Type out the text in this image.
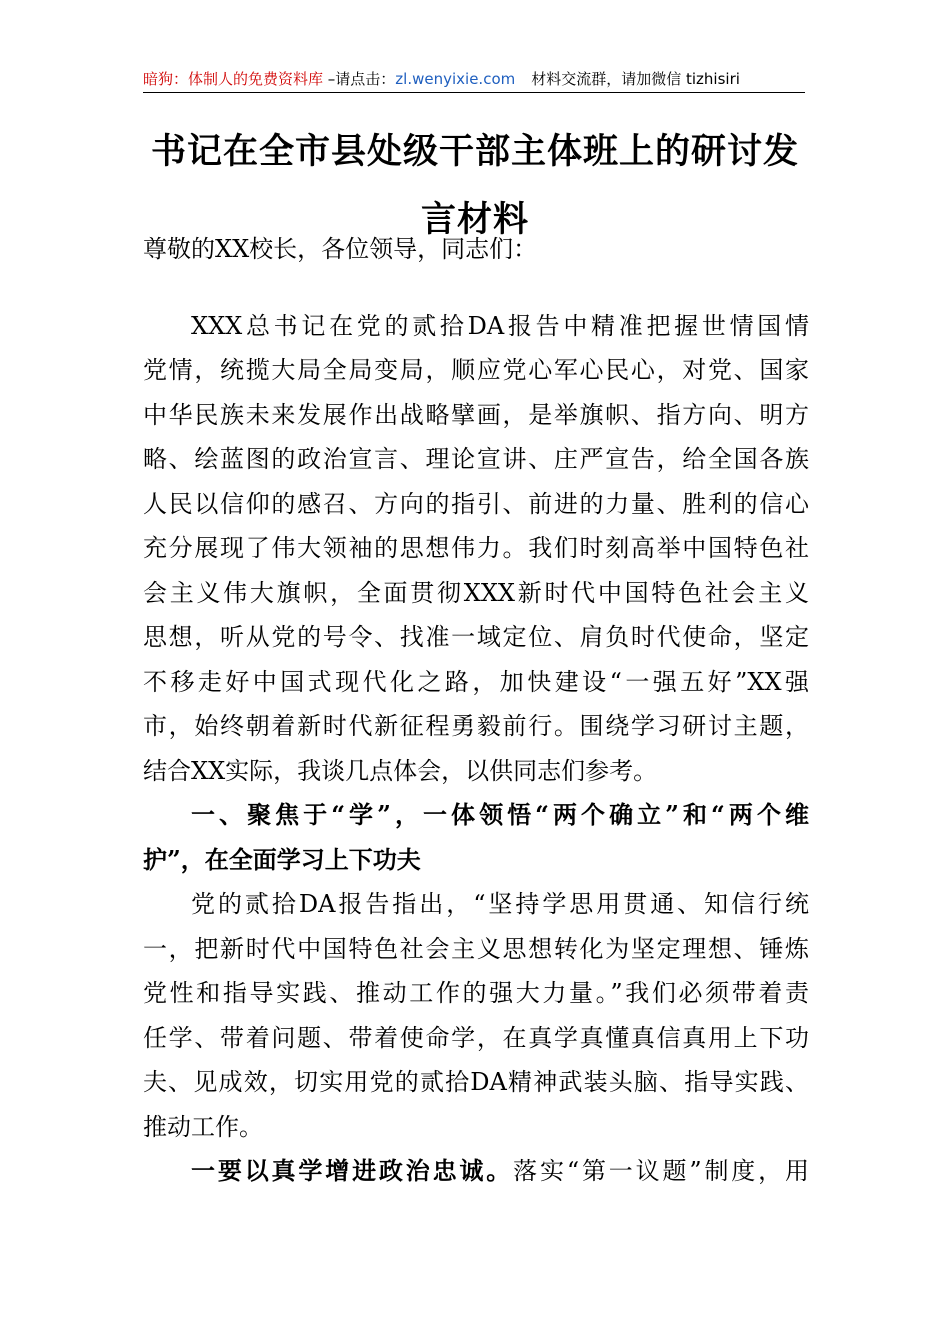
暗狗：体制人的免费资料库 –请点击：zl.wenyixie.com 材料交流群，请加微信 tizhisiri
书记在全市县处级干部主体班上的研讨发
言材料

尊敬的XX校长，各位领导，同志们：

XXX总书记在党的贰拾DA报告中精准把握世情国情

党情，统揽大局全局变局，顺应党心军心民心，对党、国家

中华民族未来发展作出战略擘画，是举旗帜、指方向、明方

略、绘蓝图的政治宣言、理论宣讲、庄严宣告，给全国各族

人民以信仰的感召、方向的指引、前进的力量、胜利的信心

充分展现了伟大领袖的思想伟力。我们时刻高举中国特色社

会主义伟大旗帜，全面贯彻XXX新时代中国特色社会主义

思想，听从党的号令、找准一域定位、肩负时代使命，坚定

不移走好中国式现代化之路，加快建设“一强五好”XX强

市，始终朝着新时代新征程勇毅前行。围绕学习研讨主题，

结合XX实际，我谈几点体会，以供同志们参考。

一、聚焦于“学”，一体领悟“两个确立”和“两个维

护”，在全面学习上下功夫

党的贰拾DA报告指出，“坚持学思用贯通、知信行统

一，把新时代中国特色社会主义思想转化为坚定理想、锤炼

党性和指导实践、推动工作的强大力量。”我们必须带着责

任学、带着问题、带着使命学，在真学真懂真信真用上下功

夫、见成效，切实用党的贰拾DA精神武装头脑、指导实践、

推动工作。

一要以真学增进政治忠诚。落实“第一议题”制度，用
